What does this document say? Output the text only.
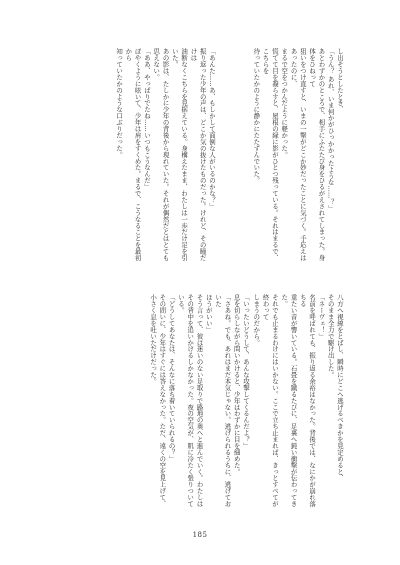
し出そうとしたとき、
「うん？ あれ、いま何かがひっかかったような……？」
あとわずかのところで、相手にふたたび身をひるがえされてしまった。身体をひねって
狙いをつけ直すと、いまの一撃がどこか妙だったことに気づく。手応えはあったのに、
まるで空をつかんだように軽かった。
慌てて目を凝らすと、屋根の縁に影がひとつ残っている。それはまるで、こちらを
待っていたかのように静かにたたずんでいた。
「あんた……あ、もしかして面倒な人がいるのかな？」
振り返った少年の声は、どこか気の抜けたものだった。けれど、その瞳だけは
油断なくこちらを見据えている。身構えたまま、わたしは一歩だけ足を引いた。
あの影は、たしかに少年の背後から現れていた。それが偶然だとはとても思えない。
「ああ、やっぱりでたね……いつもこうなんだ」
ぼやくように呟いて、少年は肩をすくめた。まるで、こうなることを最初から
知っていたかのような口ぶりだった。
八方へ視線をとばし、瞬時にどこへ逃げるべきかを見定めると、
そのまま全力で駆け出した。
「ネーヴェ！」
名前を呼ばれても、振り返る余裕はなかった。背後では、なにかが崩れ落ちる
重たい音が響いている。石畳を蹴るたびに、足裏へ鈍い衝撃が伝わってきた。
それでも止まるわけにはいかない。ここで立ち止まれば、きっとすべてが終わって
しまうのだから。
「いったいどうして、あんな攻撃してくるんだよ？」
息を切らしながら問いかけると、少年はわずかに目を細めた。
「さあね。でも、あれはまだ本気じゃない。逃げられるうちに、逃げておいた
ほうがいい」
そう言って、彼は迷いのない足取りで路地の奥へと進んでいく。わたしは
その背中を追いかけるしかなかった。夜の空気が、肌に冷たく張りついている。
「どうしてあなたは、そんなに落ち着いていられるの？」
その問いに、少年はすぐには答えなかった。ただ、遠くの空を見上げて、
小さく息を吐いただけだった。
185
